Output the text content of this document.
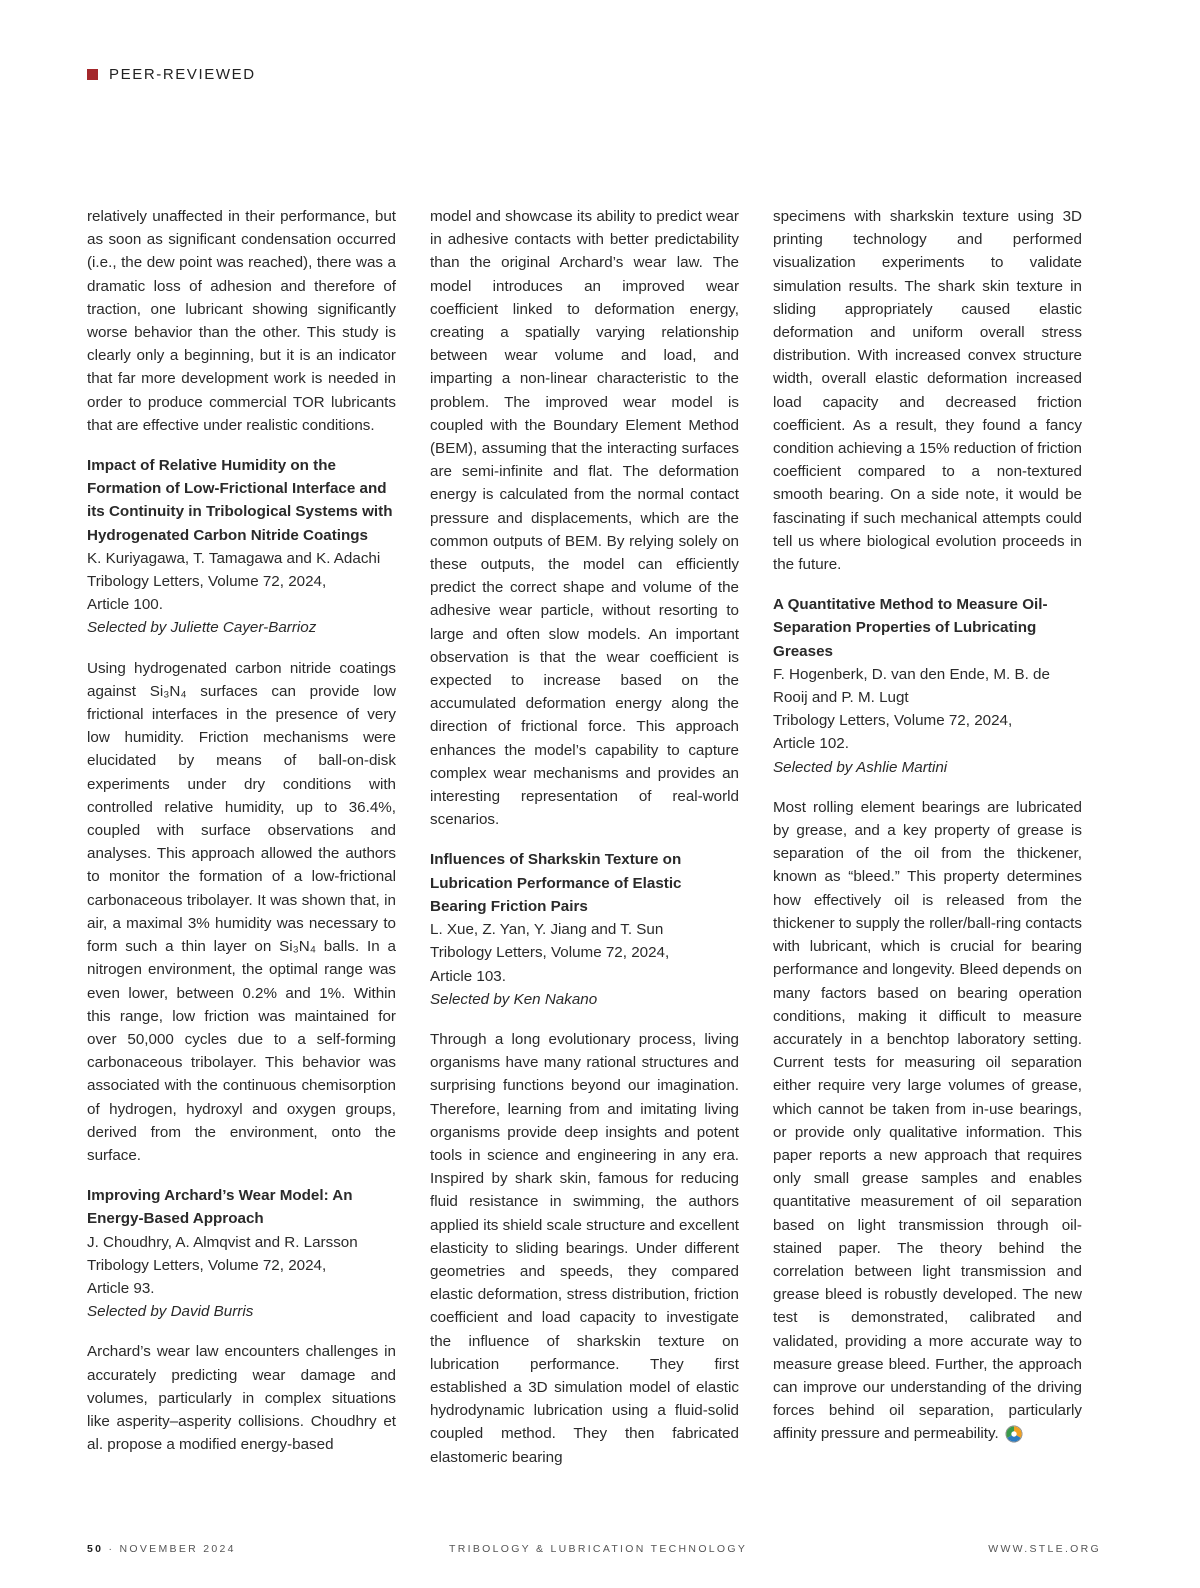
PEER-REVIEWED

relatively unaffected in their performance, but as soon as significant condensation occurred (i.e., the dew point was reached), there was a dramatic loss of adhesion and therefore of traction, one lubricant showing significantly worse behavior than the other. This study is clearly only a beginning, but it is an indicator that far more development work is needed in order to produce commercial TOR lubricants that are effective under realistic conditions.

Impact of Relative Humidity on the Formation of Low-Frictional Interface and its Continuity in Tribological Systems with Hydrogenated Carbon Nitride Coatings
K. Kuriyagawa, T. Tamagawa and K. Adachi
Tribology Letters, Volume 72, 2024,
Article 100.
Selected by Juliette Cayer-Barrioz

Using hydrogenated carbon nitride coatings against Si₃N₄ surfaces can provide low frictional interfaces in the presence of very low humidity. Friction mechanisms were elucidated by means of ball-on-disk experiments under dry conditions with controlled relative humidity, up to 36.4%, coupled with surface observations and analyses. This approach allowed the authors to monitor the formation of a low-frictional carbonaceous tribolayer. It was shown that, in air, a maximal 3% humidity was necessary to form such a thin layer on Si₃N₄ balls. In a nitrogen environment, the optimal range was even lower, between 0.2% and 1%. Within this range, low friction was maintained for over 50,000 cycles due to a self-forming carbonaceous tribolayer. This behavior was associated with the continuous chemisorption of hydrogen, hydroxyl and oxygen groups, derived from the environment, onto the surface.

Improving Archard’s Wear Model: An Energy-Based Approach
J. Choudhry, A. Almqvist and R. Larsson
Tribology Letters, Volume 72, 2024,
Article 93.
Selected by David Burris

Archard’s wear law encounters challenges in accurately predicting wear damage and volumes, particularly in complex situations like asperity–asperity collisions. Choudhry et al. propose a modified energy-based

model and showcase its ability to predict wear in adhesive contacts with better predictability than the original Archard’s wear law. The model introduces an improved wear coefficient linked to deformation energy, creating a spatially varying relationship between wear volume and load, and imparting a non-linear characteristic to the problem. The improved wear model is coupled with the Boundary Element Method (BEM), assuming that the interacting surfaces are semi-infinite and flat. The deformation energy is calculated from the normal contact pressure and displacements, which are the common outputs of BEM. By relying solely on these outputs, the model can efficiently predict the correct shape and volume of the adhesive wear particle, without resorting to large and often slow models. An important observation is that the wear coefficient is expected to increase based on the accumulated deformation energy along the direction of frictional force. This approach enhances the model’s capability to capture complex wear mechanisms and provides an interesting representation of real-world scenarios.

Influences of Sharkskin Texture on Lubrication Performance of Elastic Bearing Friction Pairs
L. Xue, Z. Yan, Y. Jiang and T. Sun
Tribology Letters, Volume 72, 2024,
Article 103.
Selected by Ken Nakano

Through a long evolutionary process, living organisms have many rational structures and surprising functions beyond our imagination. Therefore, learning from and imitating living organisms provide deep insights and potent tools in science and engineering in any era. Inspired by shark skin, famous for reducing fluid resistance in swimming, the authors applied its shield scale structure and excellent elasticity to sliding bearings. Under different geometries and speeds, they compared elastic deformation, stress distribution, friction coefficient and load capacity to investigate the influence of sharkskin texture on lubrication performance. They first established a 3D simulation model of elastic hydrodynamic lubrication using a fluid-solid coupled method. They then fabricated elastomeric bearing

specimens with sharkskin texture using 3D printing technology and performed visualization experiments to validate simulation results. The shark skin texture in sliding appropriately caused elastic deformation and uniform overall stress distribution. With increased convex structure width, overall elastic deformation increased load capacity and decreased friction coefficient. As a result, they found a fancy condition achieving a 15% reduction of friction coefficient compared to a non-textured smooth bearing. On a side note, it would be fascinating if such mechanical attempts could tell us where biological evolution proceeds in the future.

A Quantitative Method to Measure Oil-Separation Properties of Lubricating Greases
F. Hogenberk, D. van den Ende, M. B. de Rooij and P. M. Lugt
Tribology Letters, Volume 72, 2024,
Article 102.
Selected by Ashlie Martini

Most rolling element bearings are lubricated by grease, and a key property of grease is separation of the oil from the thickener, known as “bleed.” This property determines how effectively oil is released from the thickener to supply the roller/ball-ring contacts with lubricant, which is crucial for bearing performance and longevity. Bleed depends on many factors based on bearing operation conditions, making it difficult to measure accurately in a benchtop laboratory setting. Current tests for measuring oil separation either require very large volumes of grease, which cannot be taken from in-use bearings, or provide only qualitative information. This paper reports a new approach that requires only small grease samples and enables quantitative measurement of oil separation based on light transmission through oil-stained paper. The theory behind the correlation between light transmission and grease bleed is robustly developed. The new test is demonstrated, calibrated and validated, providing a more accurate way to measure grease bleed. Further, the approach can improve our understanding of the driving forces behind oil separation, particularly affinity pressure and permeability.

50 · NOVEMBER 2024	TRIBOLOGY & LUBRICATION TECHNOLOGY	WWW.STLE.ORG
